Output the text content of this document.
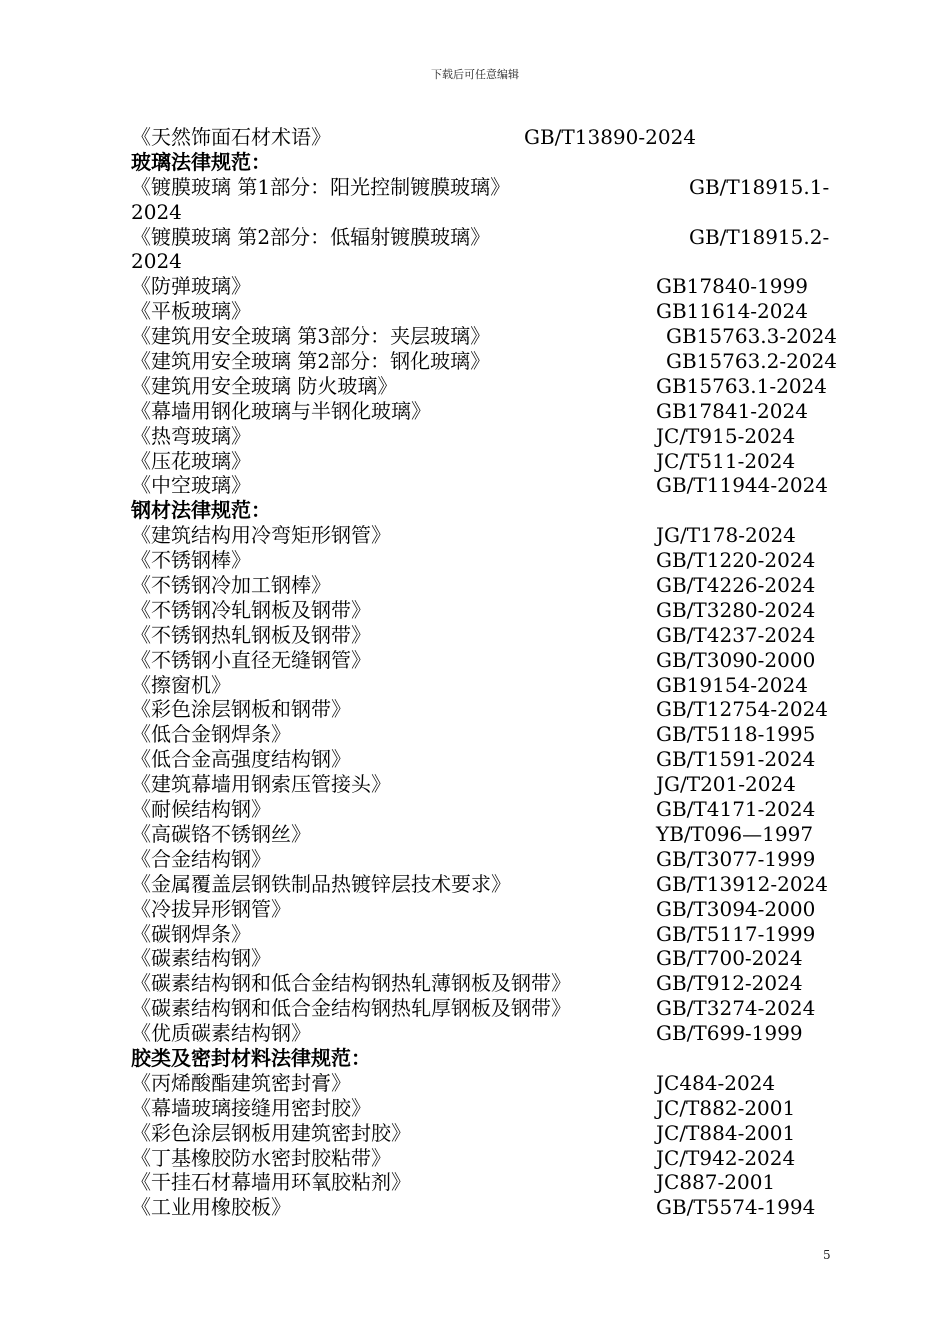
下载后可任意编辑
《天然饰面石材术语》	GB/T13890-2024
玻璃法律规范：
《镀膜玻璃 第1部分：阳光控制镀膜玻璃》	GB/T18915.1-
2024
《镀膜玻璃 第2部分：低辐射镀膜玻璃》	GB/T18915.2-
2024
《防弹玻璃》	GB17840-1999
《平板玻璃》	GB11614-2024
《建筑用安全玻璃 第3部分：夹层玻璃》	GB15763.3-2024
《建筑用安全玻璃 第2部分：钢化玻璃》	GB15763.2-2024
《建筑用安全玻璃 防火玻璃》	GB15763.1-2024
《幕墙用钢化玻璃与半钢化玻璃》	GB17841-2024
《热弯玻璃》	JC/T915-2024
《压花玻璃》	JC/T511-2024
《中空玻璃》	GB/T11944-2024
钢材法律规范：
《建筑结构用冷弯矩形钢管》	JG/T178-2024
《不锈钢棒》	GB/T1220-2024
《不锈钢冷加工钢棒》	GB/T4226-2024
《不锈钢冷轧钢板及钢带》	GB/T3280-2024
《不锈钢热轧钢板及钢带》	GB/T4237-2024
《不锈钢小直径无缝钢管》	GB/T3090-2000
《擦窗机》	GB19154-2024
《彩色涂层钢板和钢带》	GB/T12754-2024
《低合金钢焊条》	GB/T5118-1995
《低合金高强度结构钢》	GB/T1591-2024
《建筑幕墙用钢索压管接头》	JG/T201-2024
《耐候结构钢》	GB/T4171-2024
《高碳铬不锈钢丝》	YB/T096—1997
《合金结构钢》	GB/T3077-1999
《金属覆盖层钢铁制品热镀锌层技术要求》	GB/T13912-2024
《冷拔异形钢管》	GB/T3094-2000
《碳钢焊条》	GB/T5117-1999
《碳素结构钢》	GB/T700-2024
《碳素结构钢和低合金结构钢热轧薄钢板及钢带》	GB/T912-2024
《碳素结构钢和低合金结构钢热轧厚钢板及钢带》	GB/T3274-2024
《优质碳素结构钢》	GB/T699-1999
胶类及密封材料法律规范：
《丙烯酸酯建筑密封膏》	JC484-2024
《幕墙玻璃接缝用密封胶》	JC/T882-2001
《彩色涂层钢板用建筑密封胶》	JC/T884-2001
《丁基橡胶防水密封胶粘带》	JC/T942-2024
《干挂石材幕墙用环氧胶粘剂》	JC887-2001
《工业用橡胶板》	GB/T5574-1994
5
